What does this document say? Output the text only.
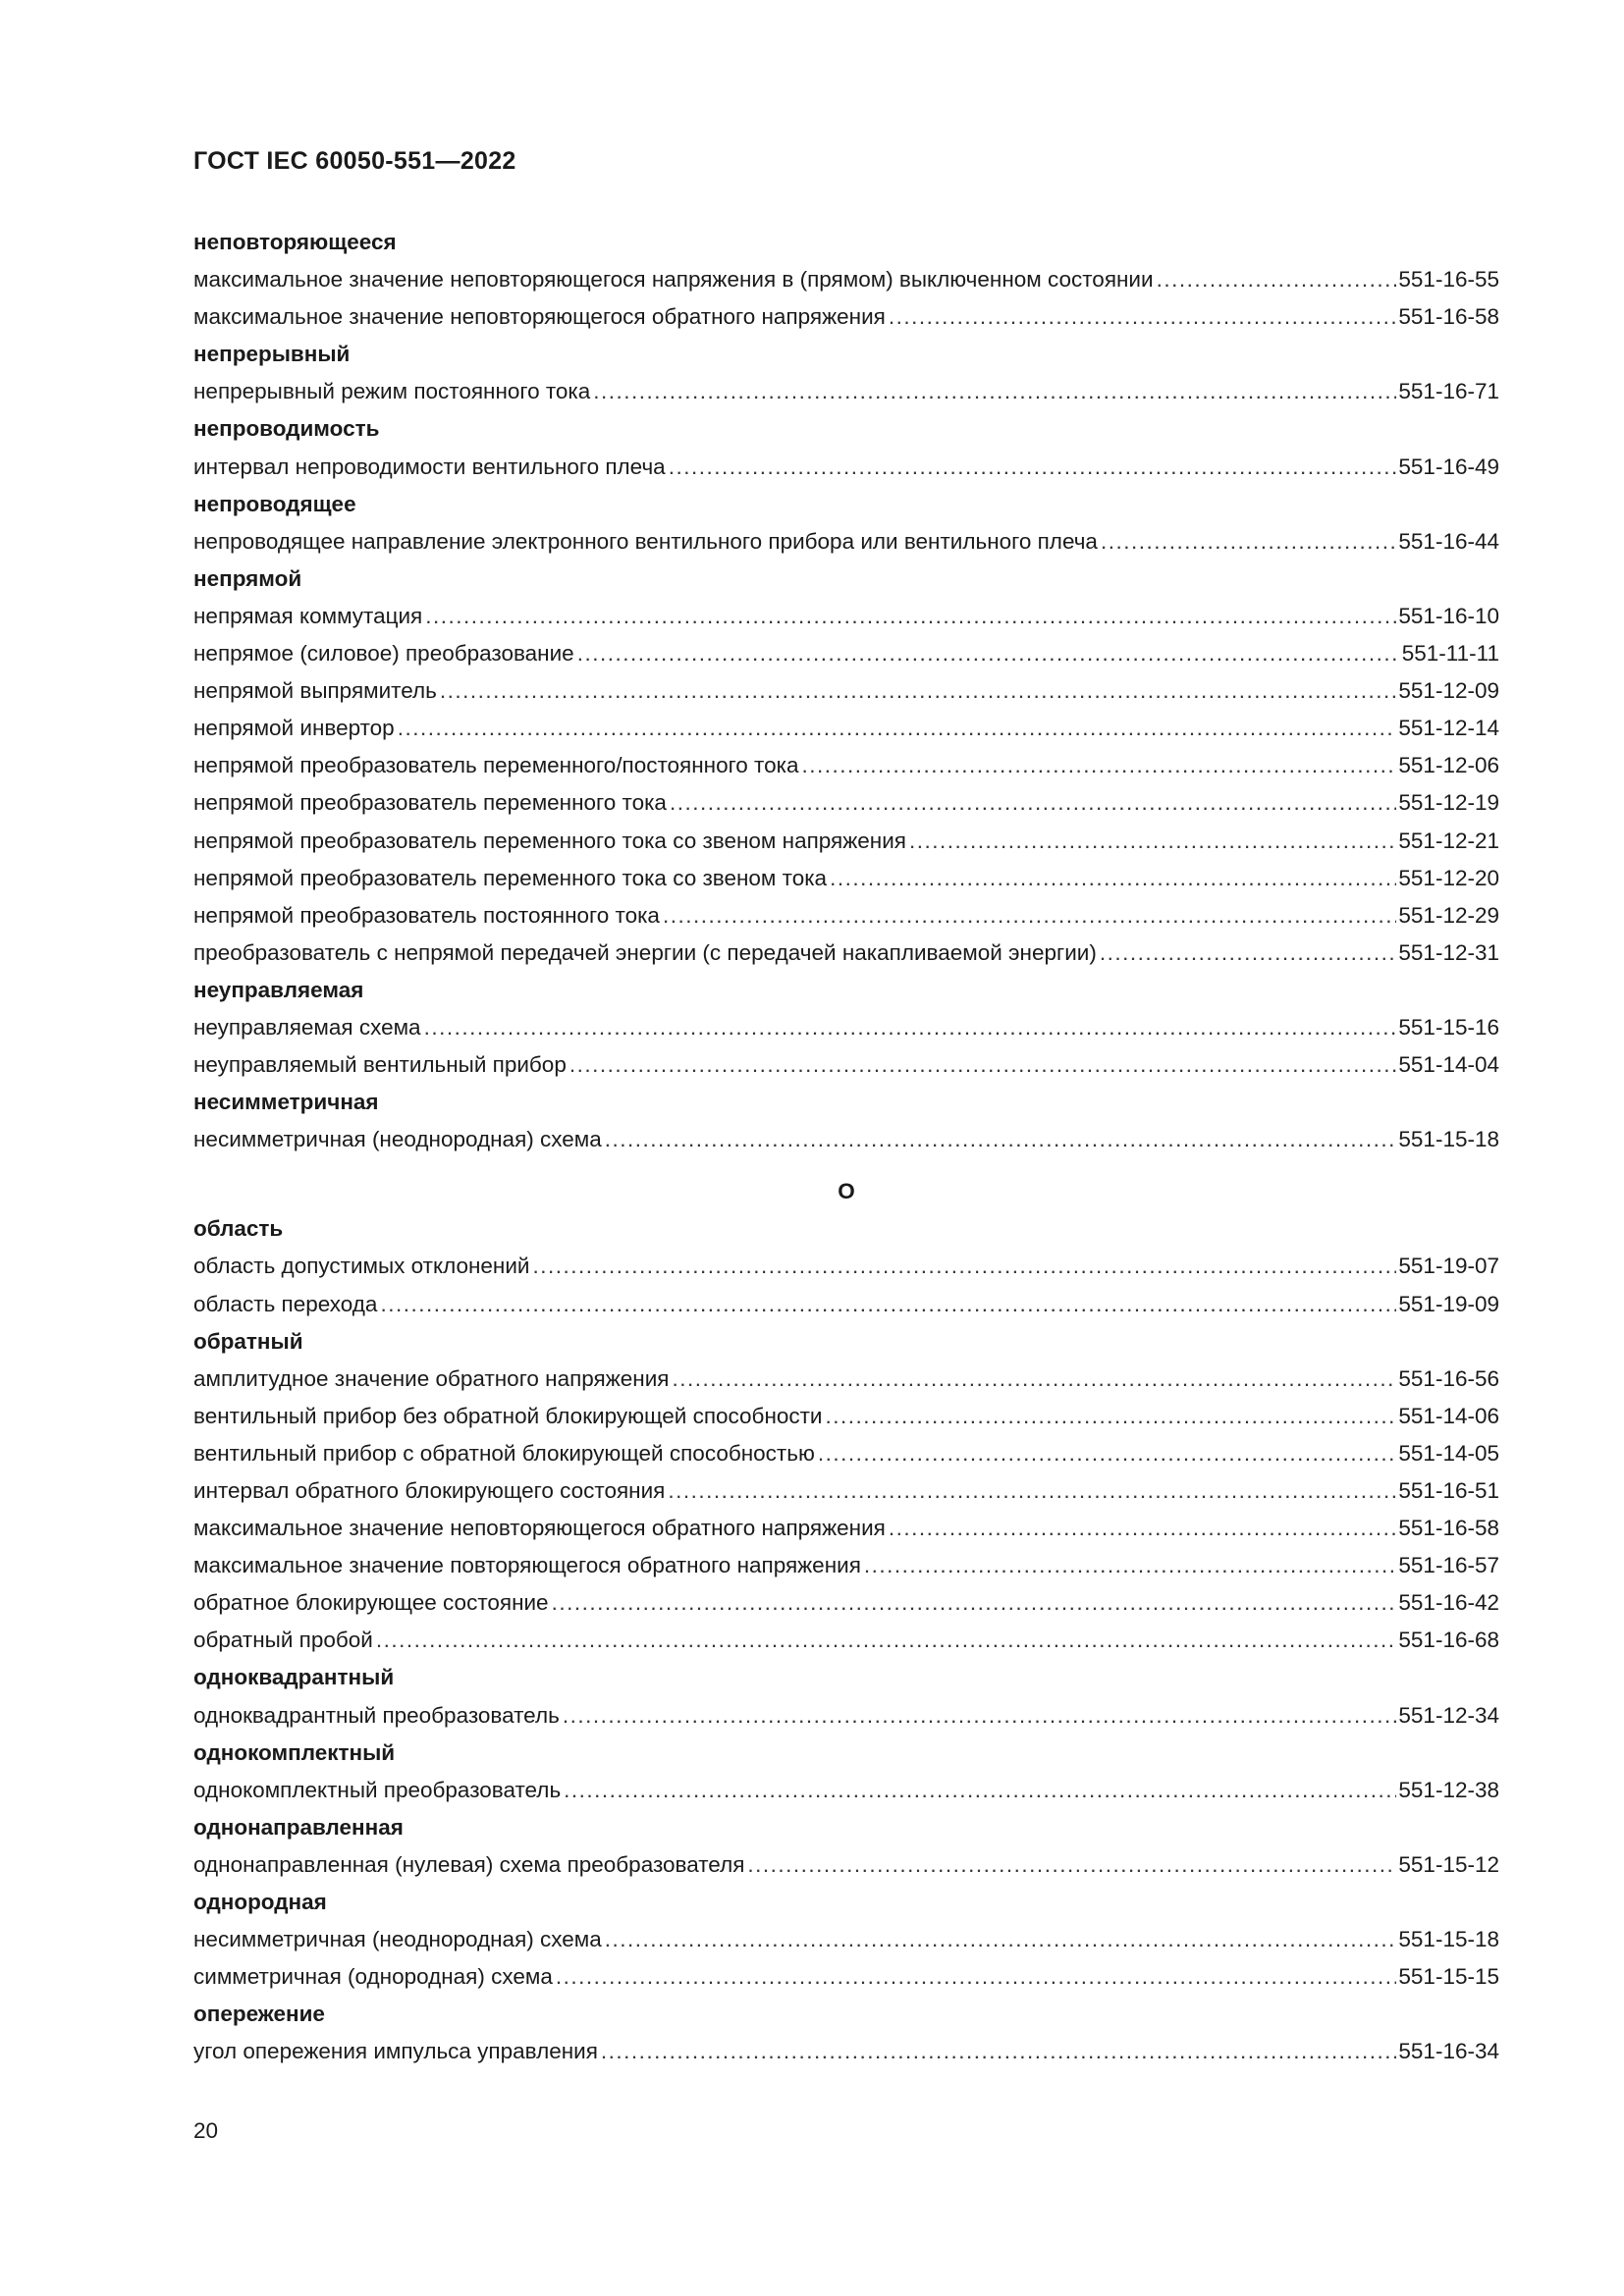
ГОСТ IEC 60050-551—2022
неповторяющееся
максимальное значение неповторяющегося напряжения в (прямом) выключенном состоянии .....	551-16-55
максимальное значение неповторяющегося обратного напряжения .....	551-16-58
непрерывный
непрерывный режим постоянного тока .....	551-16-71
непроводимость
интервал непроводимости вентильного плеча .....	551-16-49
непроводящее
непроводящее направление электронного вентильного прибора или вентильного плеча .....	551-16-44
непрямой
непрямая коммутация .....	551-16-10
непрямое (силовое) преобразование .....	551-11-11
непрямой выпрямитель .....	551-12-09
непрямой инвертор .....	551-12-14
непрямой преобразователь переменного/постоянного тока .....	551-12-06
непрямой преобразователь переменного тока .....	551-12-19
непрямой преобразователь переменного тока со звеном напряжения .....	551-12-21
непрямой преобразователь переменного тока со звеном тока .....	551-12-20
непрямой преобразователь постоянного тока .....	551-12-29
преобразователь с непрямой передачей энергии (с передачей накапливаемой энергии) .....	551-12-31
неуправляемая
неуправляемая схема .....	551-15-16
неуправляемый вентильный прибор .....	551-14-04
несимметричная
несимметричная (неоднородная) схема .....	551-15-18
О
область
область допустимых отклонений .....	551-19-07
область перехода .....	551-19-09
обратный
амплитудное значение обратного напряжения .....	551-16-56
вентильный прибор без обратной блокирующей способности .....	551-14-06
вентильный прибор с обратной блокирующей способностью .....	551-14-05
интервал обратного блокирующего состояния .....	551-16-51
максимальное значение неповторяющегося обратного напряжения .....	551-16-58
максимальное значение повторяющегося обратного напряжения .....	551-16-57
обратное блокирующее состояние .....	551-16-42
обратный пробой .....	551-16-68
одноквадрантный
одноквадрантный преобразователь .....	551-12-34
однокомплектный
однокомплектный преобразователь .....	551-12-38
однонаправленная
однонаправленная (нулевая) схема преобразователя .....	551-15-12
однородная
несимметричная (неоднородная) схема .....	551-15-18
симметричная (однородная) схема .....	551-15-15
опережение
угол опережения импульса управления .....	551-16-34
20
